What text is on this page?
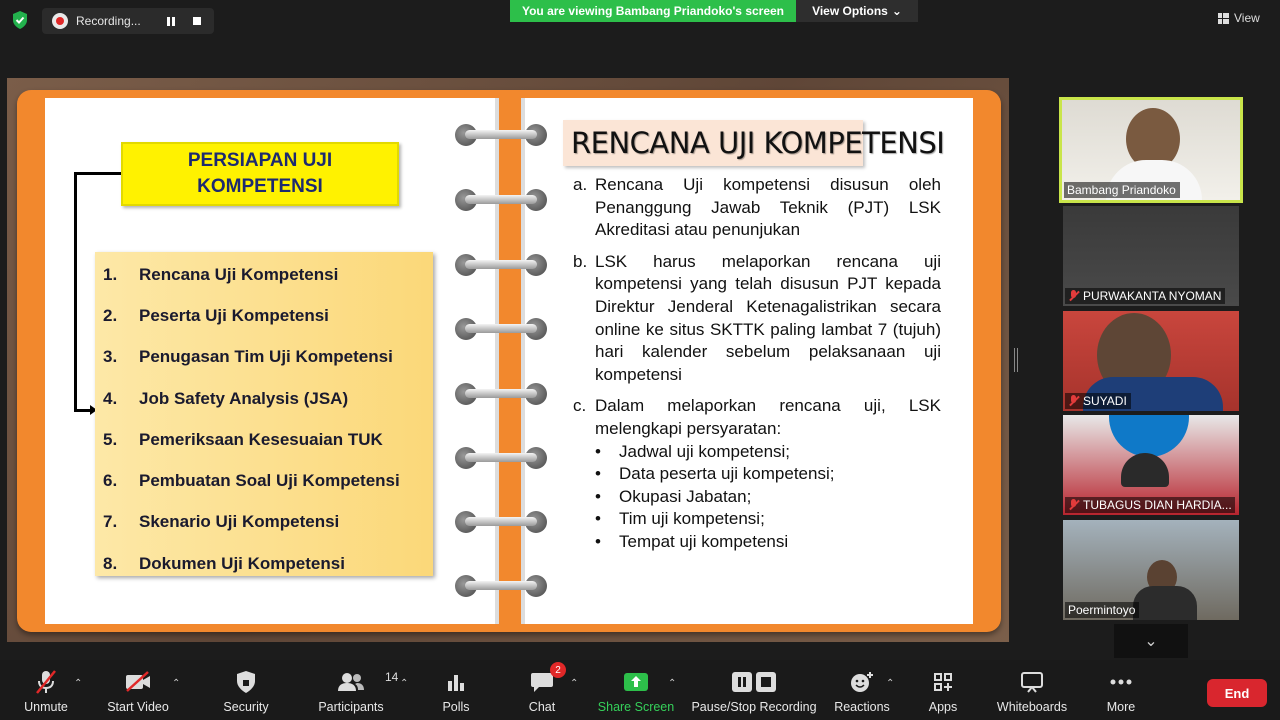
Recording...
You are viewing Bambang Priandoko's screen	View Options ⌄	View
PERSIAPAN UJI
KOMPETENSI
1.	Rencana Uji Kompetensi
2.	Peserta Uji Kompetensi
3.	Penugasan Tim Uji Kompetensi
4.	Job Safety Analysis (JSA)
5.	Pemeriksaan Kesesuaian TUK
6.	Pembuatan Soal Uji Kompetensi
7.	Skenario Uji Kompetensi
8.	Dokumen Uji Kompetensi
RENCANA UJI KOMPETENSI
a. Rencana Uji kompetensi disusun oleh Penanggung Jawab Teknik (PJT) LSK Akreditasi atau penunjukan
b. LSK harus melaporkan rencana uji kompetensi yang telah disusun PJT kepada Direktur Jenderal Ketenagalistrikan secara online ke situs SKTTK paling lambat 7 (tujuh) hari kalender sebelum pelaksanaan uji kompetensi
c. Dalam melaporkan rencana uji, LSK melengkapi persyaratan:
• Jadwal uji kompetensi;
• Data peserta uji kompetensi;
• Okupasi Jabatan;
• Tim uji kompetensi;
• Tempat uji kompetensi
Bambang Priandoko
PURWAKANTA NYOMAN
SUYADI
TUBAGUS DIAN HARDIA...
Poermintoyo
⌄
Unmute
⌃
Start Video
⌃
Security
14
Participants
⌃
Polls
2
Chat
⌃
Share Screen
⌃
Pause/Stop Recording Reactions
⌃
Apps	Whiteboards	More
End
